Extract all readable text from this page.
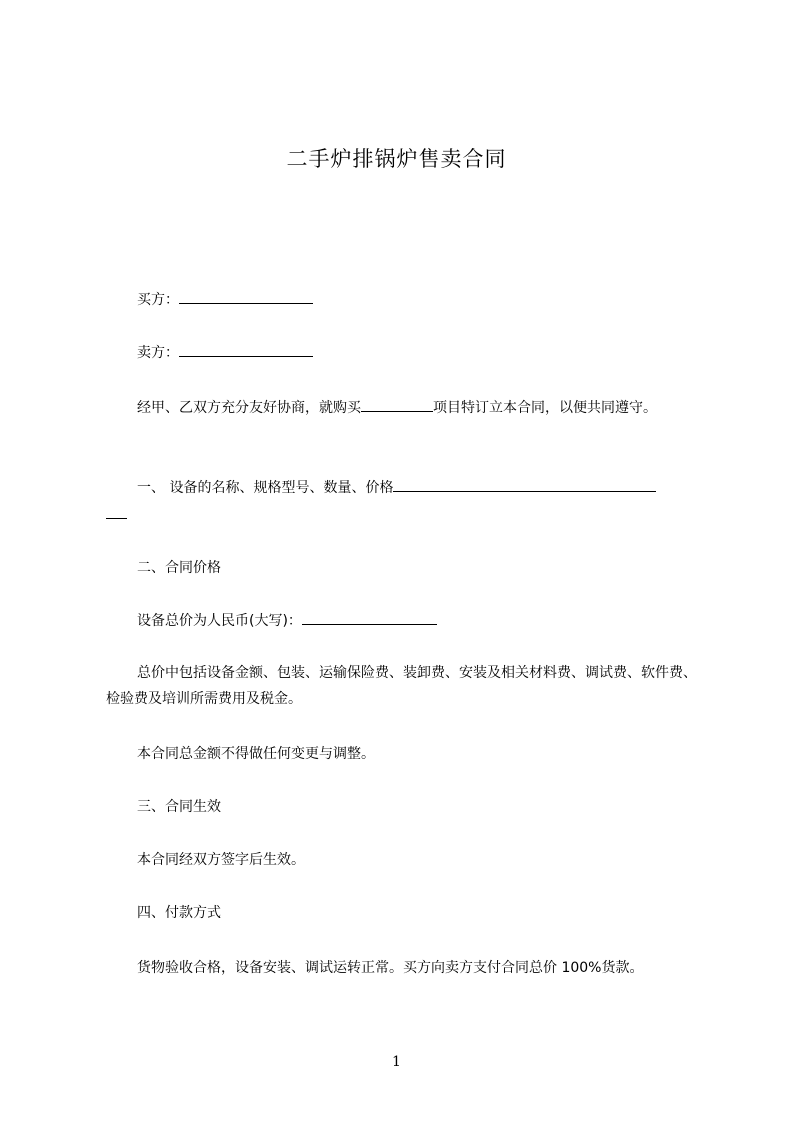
二手炉排锅炉售卖合同
买方：
卖方：
经甲、乙双方充分友好协商，就购买	项目特订立本合同，以便共同遵守。
一、 设备的名称、规格型号、数量、价格
二、合同价格
设备总价为人民币(大写)：
总价中包括设备金额、包装、运输保险费、装卸费、安装及相关材料费、调试费、软件费、检验费及培训所需费用及税金。
本合同总金额不得做任何变更与调整。
三、合同生效
本合同经双方签字后生效。
四、付款方式
货物验收合格，设备安装、调试运转正常。买方向卖方支付合同总价 100%货款。
1
